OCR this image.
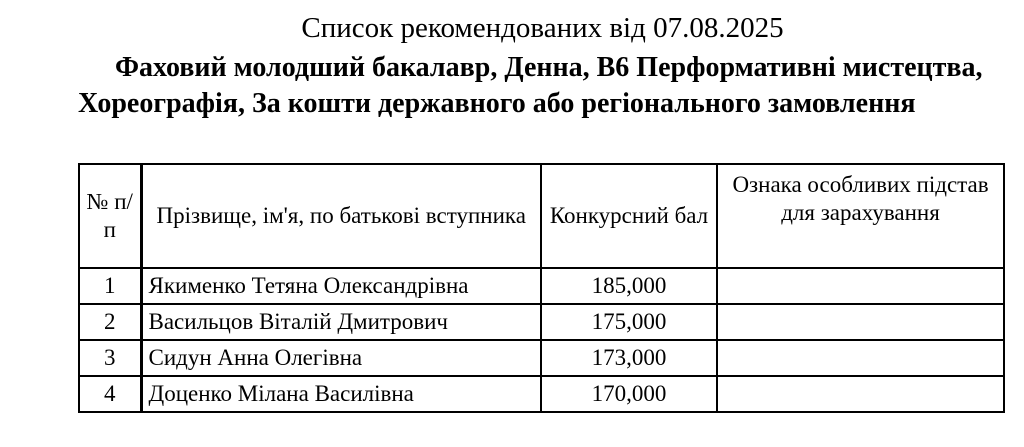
Список рекомендованих від 07.08.2025
Фаховий молодший бакалавр, Денна, B6 Перформативні мистецтва, Хореографія, За кошти державного або регіонального замовлення
№ п/п	Прізвище, ім'я, по батькові вступника	Конкурсний бал	Ознака особливих підстав для зарахування
1	Якименко Тетяна Олександрівна	185,000	
2	Васильцов Віталій Дмитрович	175,000	
3	Сидун Анна Олегівна	173,000	
4	Доценко Мілана Василівна	170,000	
